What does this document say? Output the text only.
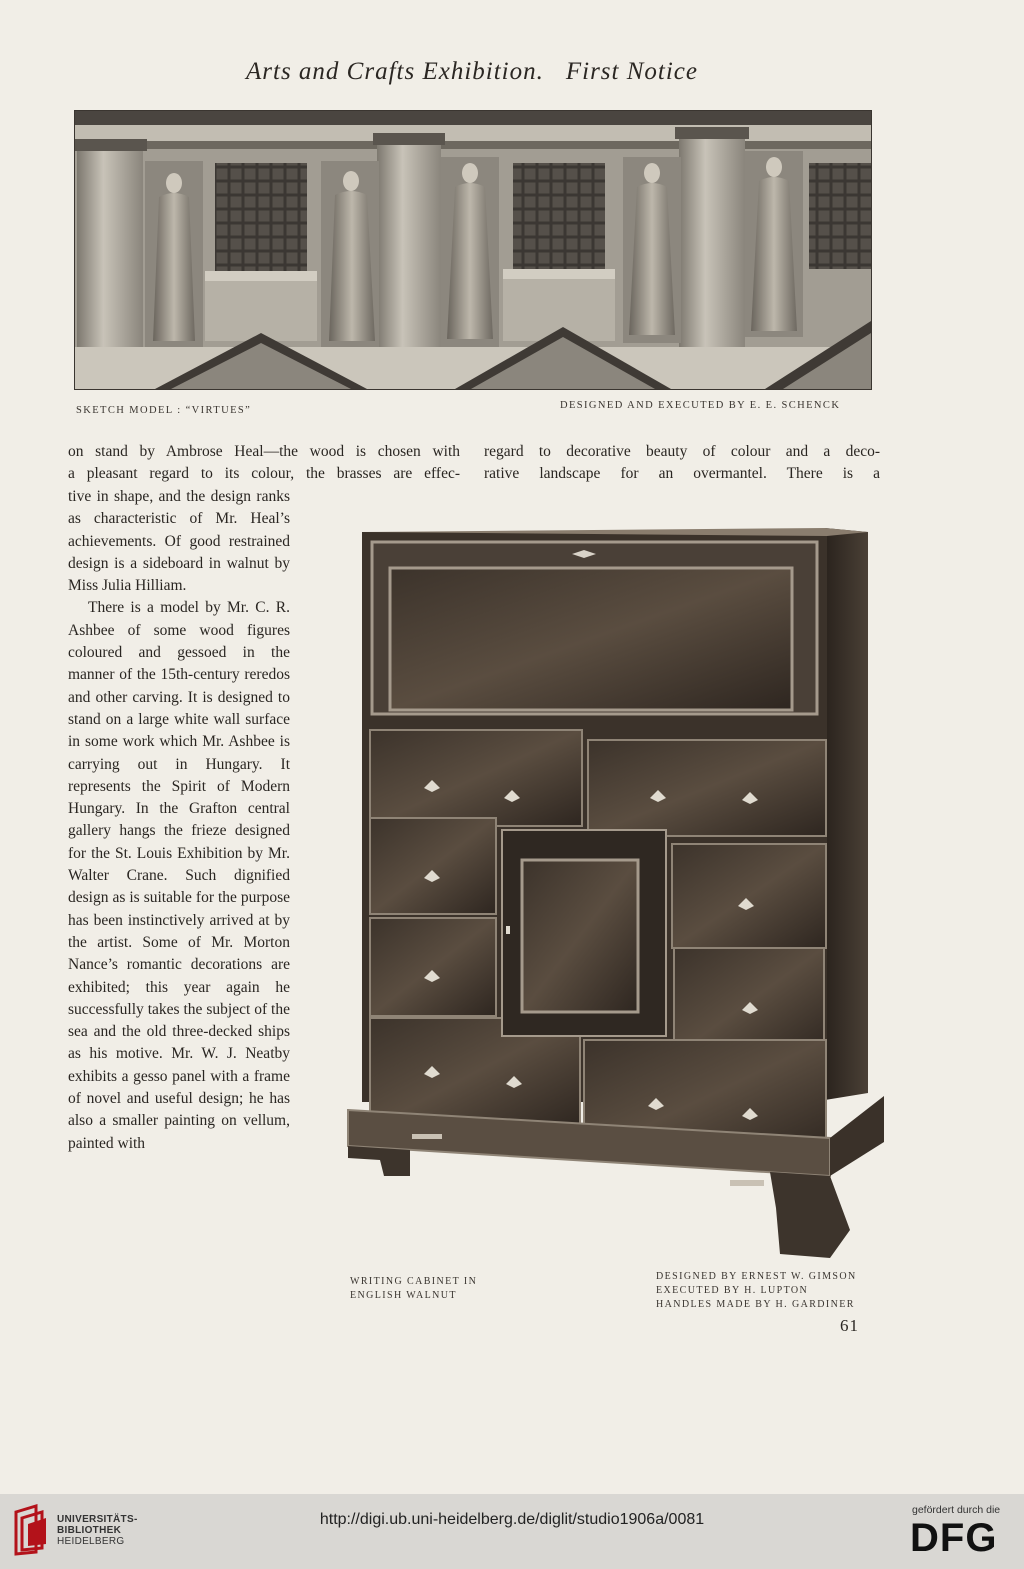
Arts and Crafts Exhibition. First Notice
SKETCH MODEL : “VIRTUES”	DESIGNED AND EXECUTED BY E. E. SCHENCK
on stand by Ambrose Heal—the wood is chosen with
a pleasant regard to its colour, the brasses are effec-

regard to decorative beauty of colour and a deco-

rative landscape for an overmantel. There is a

tive in shape, and the design ranks as characteristic of Mr. Heal’s achievements. Of good restrained design is a sideboard in walnut by Miss Julia Hilliam.

There is a model by Mr. C. R. Ashbee of some wood figures coloured and gessoed in the manner of the 15th-century reredos and other carving. It is designed to stand on a large white wall surface in some work which Mr. Ashbee is carrying out in Hungary. It represents the Spirit of Modern Hungary. In the Grafton central gallery hangs the frieze designed for the St. Louis Exhibition by Mr. Walter Crane. Such dignified design as is suitable for the purpose has been instinctively arrived at by the artist. Some of Mr. Morton Nance’s romantic decorations are exhibited; this year again he successfully takes the subject of the sea and the old three-decked ships as his motive. Mr. W. J. Neatby exhibits a gesso panel with a frame of novel and useful design; he has also a smaller painting on vellum, painted with

WRITING CABINET IN
ENGLISH WALNUT
DESIGNED BY ERNEST W. GIMSON
EXECUTED BY H. LUPTON
HANDLES MADE BY H. GARDINER
61
UNIVERSITÄTS-
BIBLIOTHEK
HEIDELBERG
http://digi.ub.uni-heidelberg.de/diglit/studio1906a/0081
gefördert durch die
DFG
